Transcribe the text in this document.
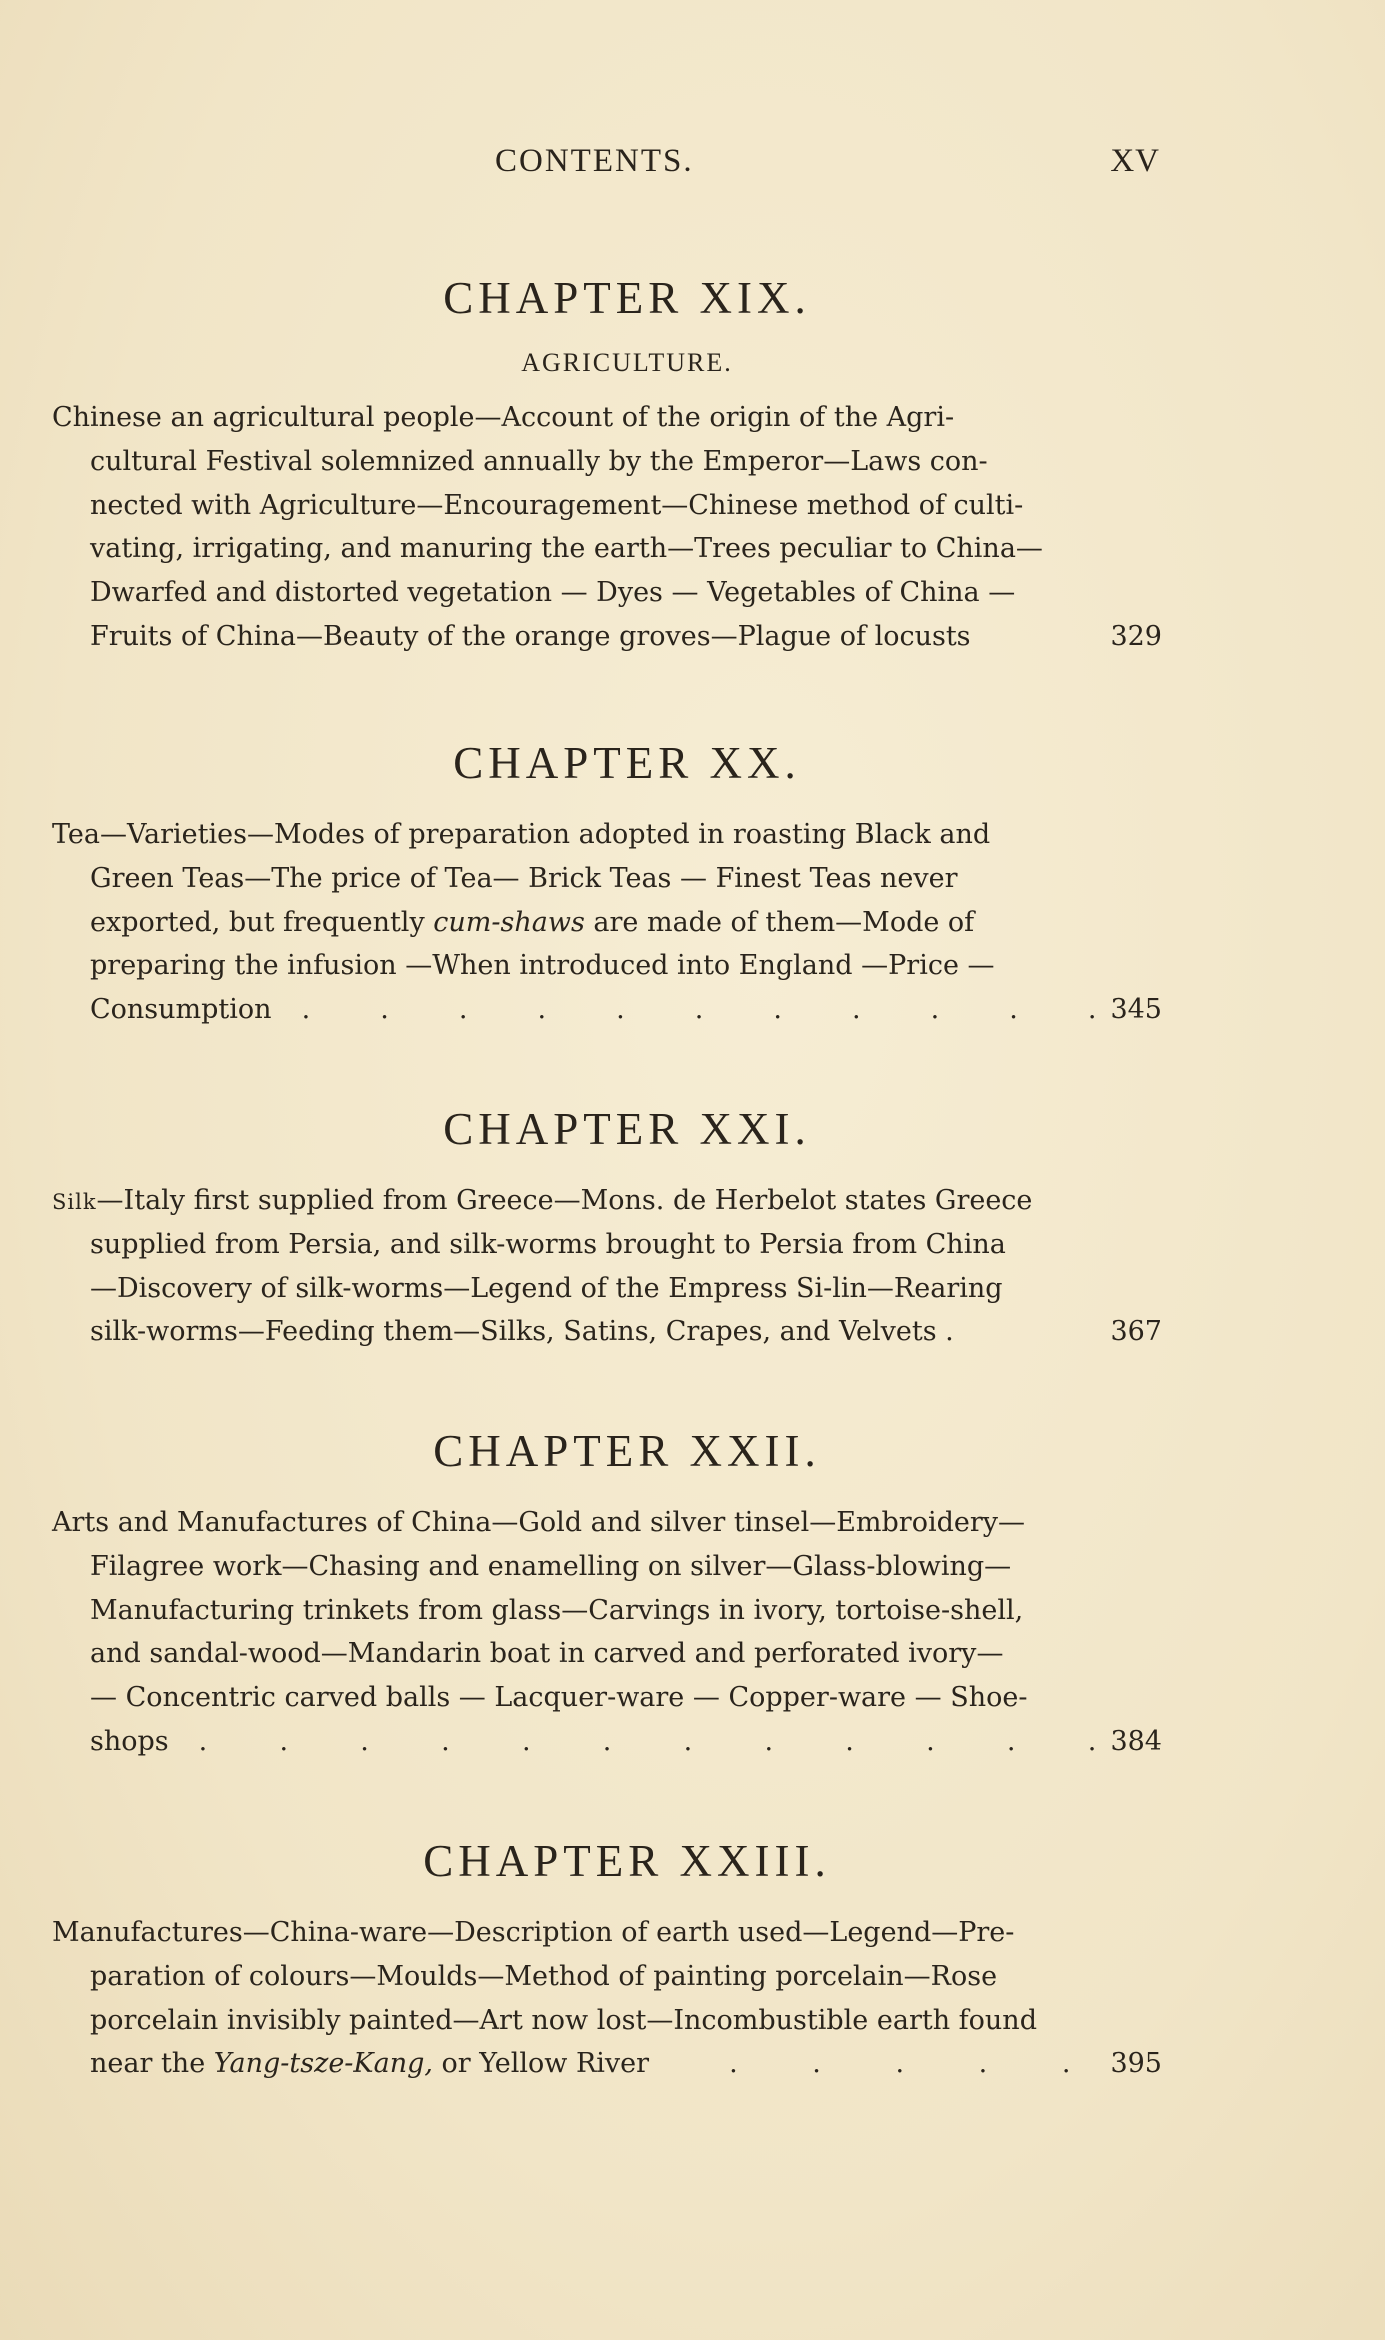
CONTENTS.	XV
CHAPTER XIX.
AGRICULTURE.
Chinese an agricultural people—Account of the origin of the Agri-
cultural Festival solemnized annually by the Emperor—Laws con-
nected with Agriculture—Encouragement—Chinese method of culti-
vating, irrigating, and manuring the earth—Trees peculiar to China—
Dwarfed and distorted vegetation — Dyes — Vegetables of China —
Fruits of China—Beauty of the orange groves—Plague of locusts	329
CHAPTER XX.
Tea—Varieties—Modes of preparation adopted in roasting Black and
Green Teas—The price of Tea— Brick Teas — Finest Teas never
exported, but frequently cum-shaws are made of them—Mode of
preparing the infusion —When introduced into England —Price —
Consumption .	.	.	.	.	.	.	.	.	.	. 345
CHAPTER XXI.
Silk—Italy first supplied from Greece—Mons. de Herbelot states Greece
supplied from Persia, and silk-worms brought to Persia from China
—Discovery of silk-worms—Legend of the Empress Si-lin—Rearing
silk-worms—Feeding them—Silks, Satins, Crapes, and Velvets .	367
CHAPTER XXII.
Arts and Manufactures of China—Gold and silver tinsel—Embroidery—
Filagree work—Chasing and enamelling on silver—Glass-blowing—
Manufacturing trinkets from glass—Carvings in ivory, tortoise-shell,
and sandal-wood—Mandarin boat in carved and perforated ivory—
— Concentric carved balls — Lacquer-ware — Copper-ware — Shoe-
shops .	.	.	.	.	.	.	.	.	.	.	. 384
CHAPTER XXIII.
Manufactures—China-ware—Description of earth used—Legend—Pre-
paration of colours—Moulds—Method of painting porcelain—Rose
porcelain invisibly painted—Art now lost—Incombustible earth found
near the Yang-tsze-Kang, or Yellow River	.	.	.	.	. 395
